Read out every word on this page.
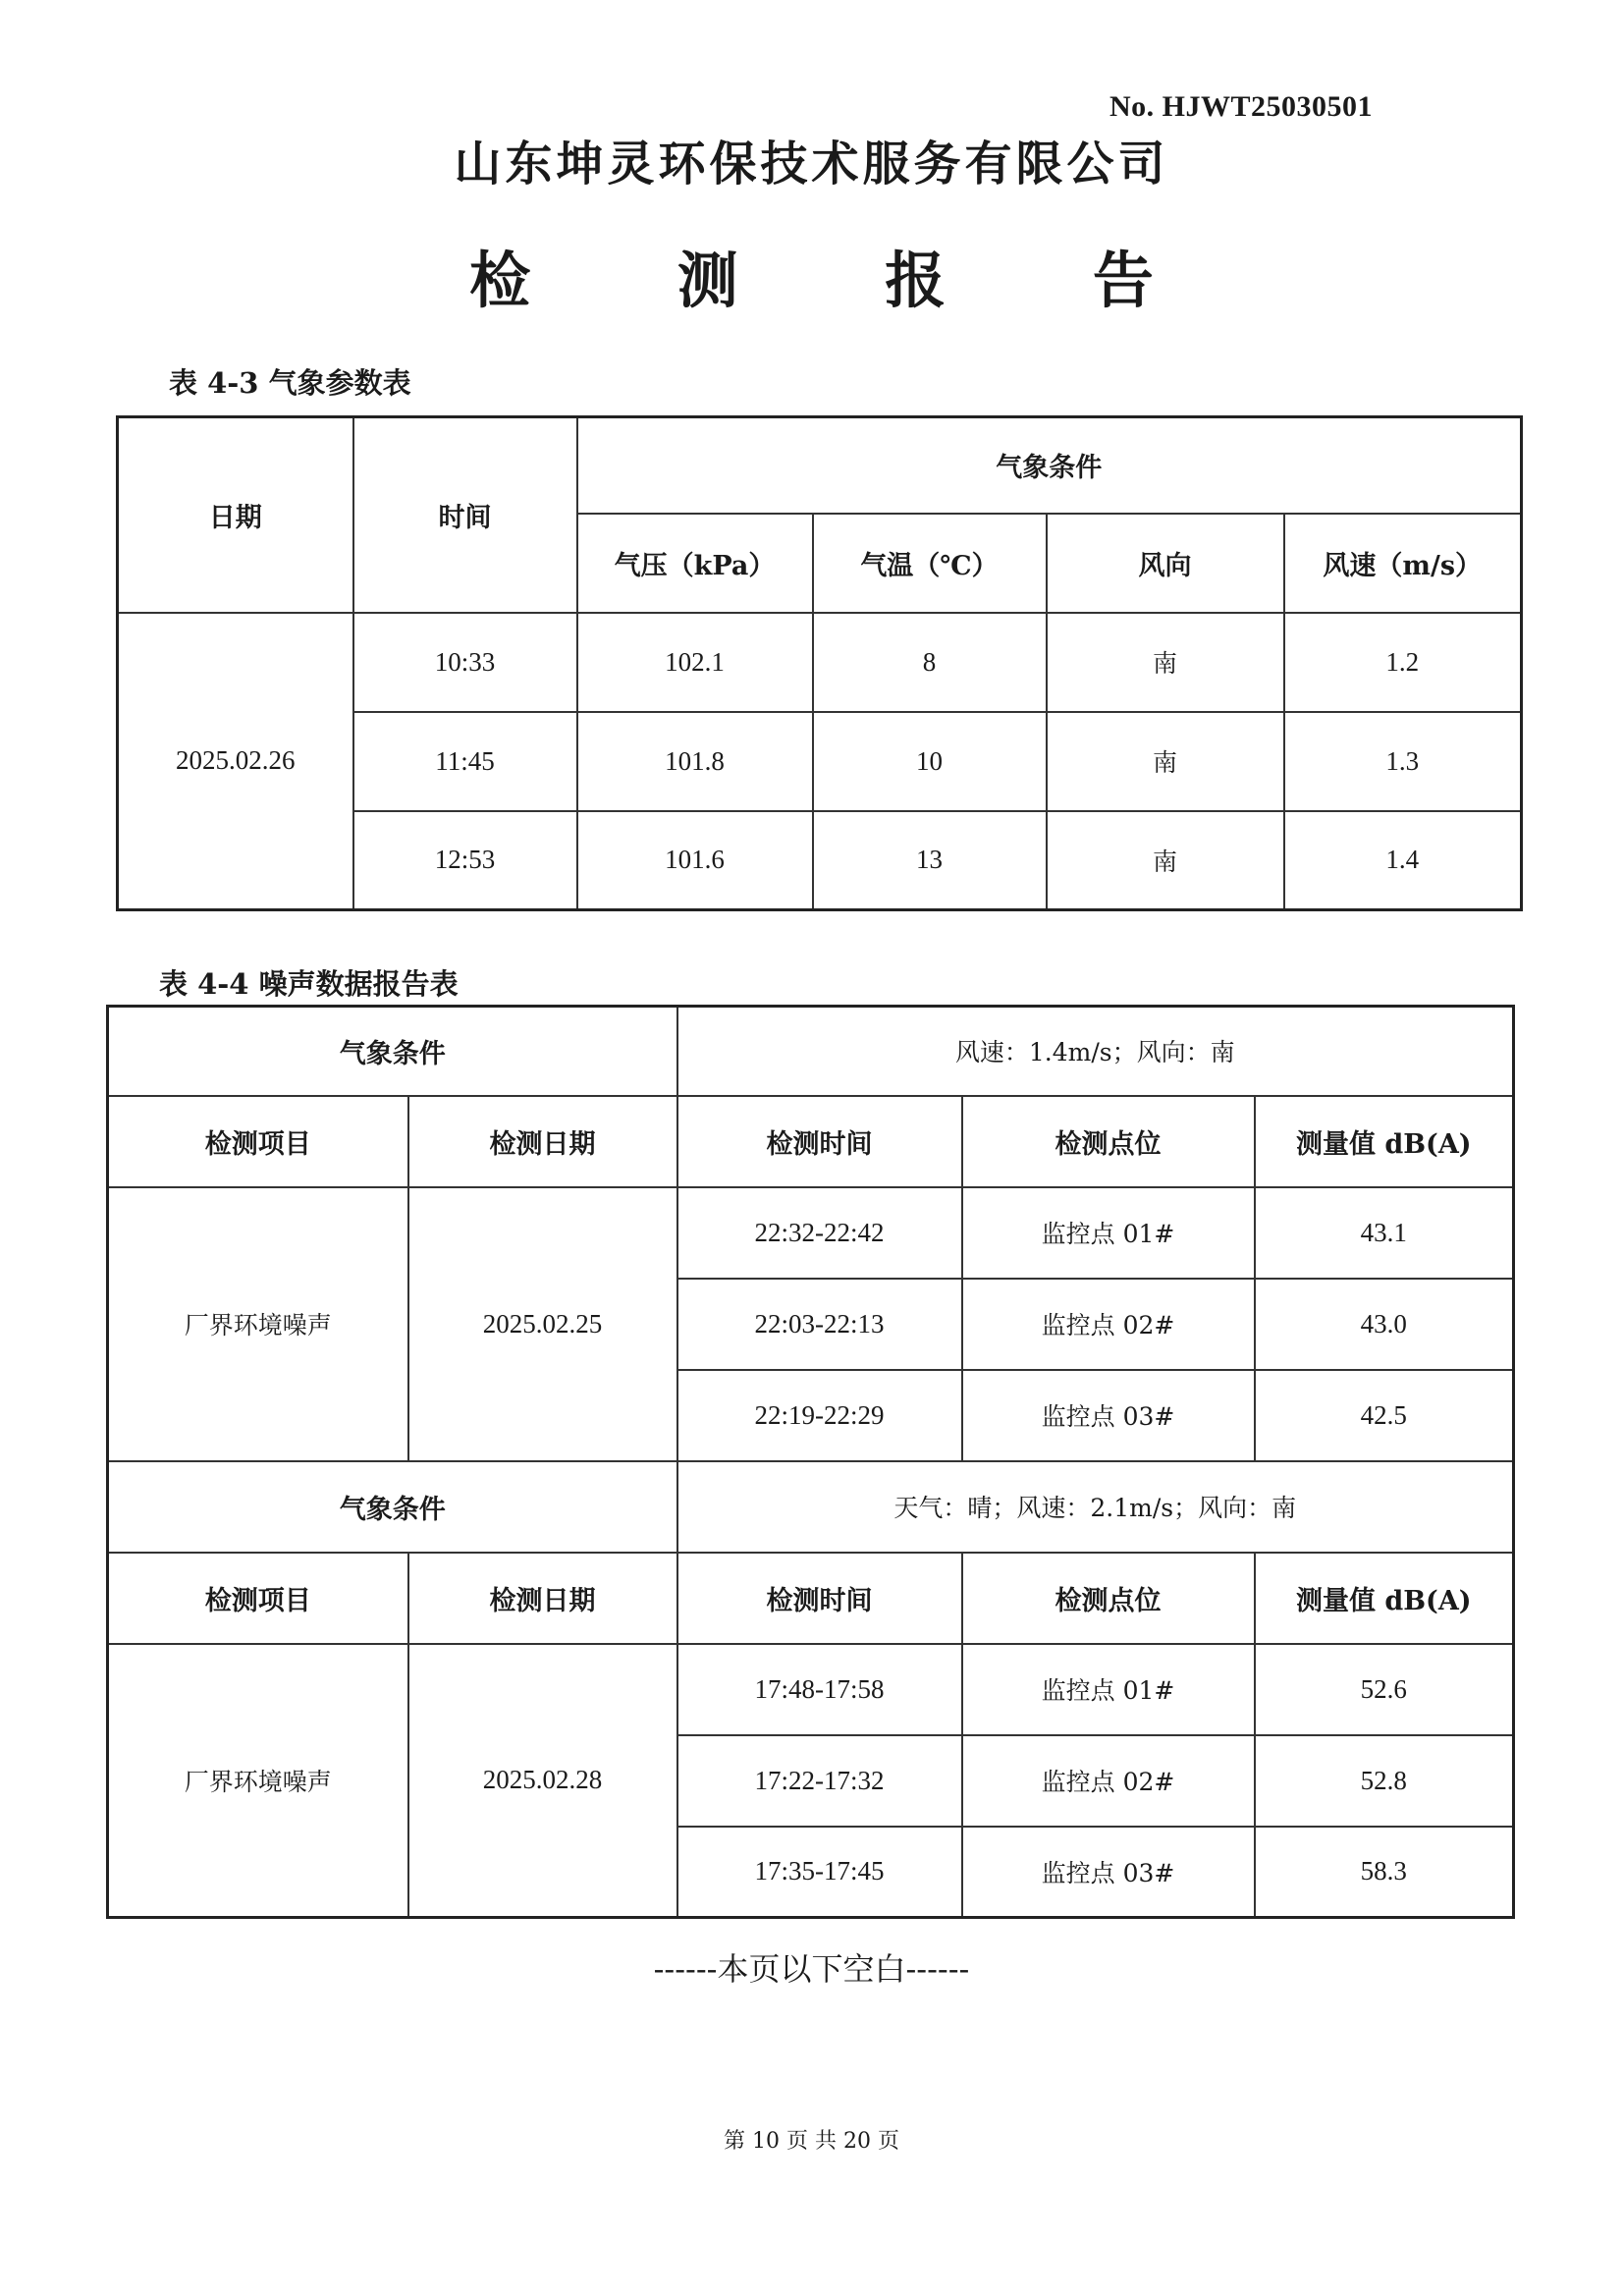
No. HJWT25030501
山东坤灵环保技术服务有限公司
检 测 报 告
表 4-3 气象参数表
日期	时间	气象条件			
		气压（kPa）	气温（℃）	风向	风速（m/s）
2025.02.26	10:33	102.1	8	南	1.2
	11:45	101.8	10	南	1.3
	12:53	101.6	13	南	1.4
表 4-4 噪声数据报告表
气象条件		风速：1.4m/s；风向：南		
检测项目	检测日期	检测时间	检测点位	测量值 dB(A)
厂界环境噪声	2025.02.25	22:32-22:42	监控点 01#	43.1
		22:03-22:13	监控点 02#	43.0
		22:19-22:29	监控点 03#	42.5
气象条件		天气：晴；风速：2.1m/s；风向：南		
检测项目	检测日期	检测时间	检测点位	测量值 dB(A)
厂界环境噪声	2025.02.28	17:48-17:58	监控点 01#	52.6
		17:22-17:32	监控点 02#	52.8
		17:35-17:45	监控点 03#	58.3
------本页以下空白------
第 10 页 共 20 页
